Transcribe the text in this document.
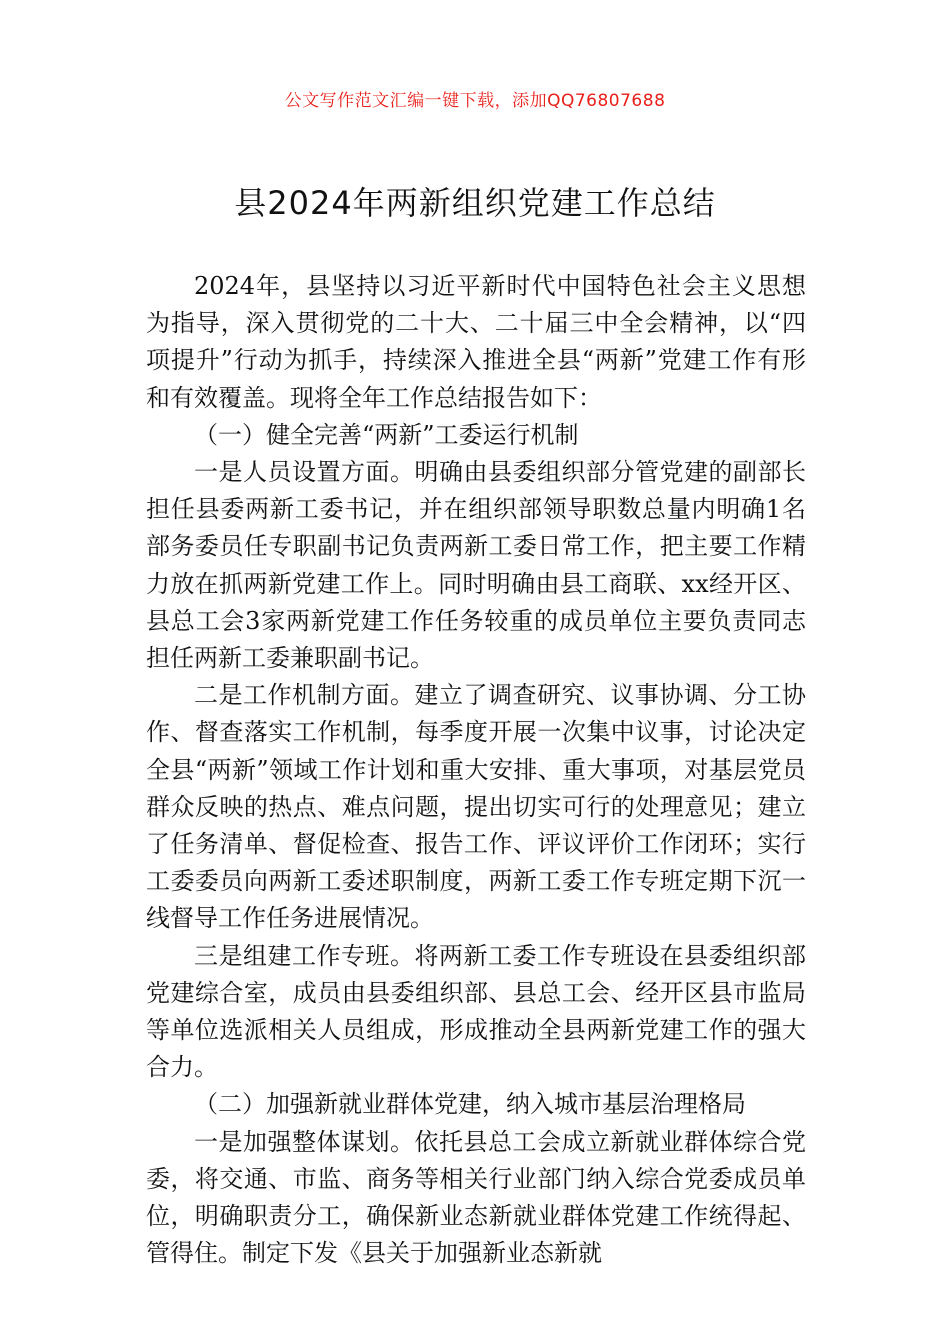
公文写作范文汇编一键下载，添加QQ76807688
县2024年两新组织党建工作总结

2024年，县坚持以习近平新时代中国特色社会主义思想为指导，深入贯彻党的二十大、二十届三中全会精神，以“四项提升”行动为抓手，持续深入推进全县“两新”党建工作有形和有效覆盖。现将全年工作总结报告如下：

（一）健全完善“两新”工委运行机制

一是人员设置方面。明确由县委组织部分管党建的副部长担任县委两新工委书记，并在组织部领导职数总量内明确1名部务委员任专职副书记负责两新工委日常工作，把主要工作精力放在抓两新党建工作上。同时明确由县工商联、xx经开区、县总工会3家两新党建工作任务较重的成员单位主要负责同志担任两新工委兼职副书记。

二是工作机制方面。建立了调查研究、议事协调、分工协作、督查落实工作机制，每季度开展一次集中议事，讨论决定全县“两新”领域工作计划和重大安排、重大事项，对基层党员群众反映的热点、难点问题，提出切实可行的处理意见；建立了任务清单、督促检查、报告工作、评议评价工作闭环；实行工委委员向两新工委述职制度，两新工委工作专班定期下沉一线督导工作任务进展情况。

三是组建工作专班。将两新工委工作专班设在县委组织部党建综合室，成员由县委组织部、县总工会、经开区县市监局等单位选派相关人员组成，形成推动全县两新党建工作的强大合力。

（二）加强新就业群体党建，纳入城市基层治理格局

一是加强整体谋划。依托县总工会成立新就业群体综合党委，将交通、市监、商务等相关行业部门纳入综合党委成员单位，明确职责分工，确保新业态新就业群体党建工作统得起、管得住。制定下发《县关于加强新业态新就
